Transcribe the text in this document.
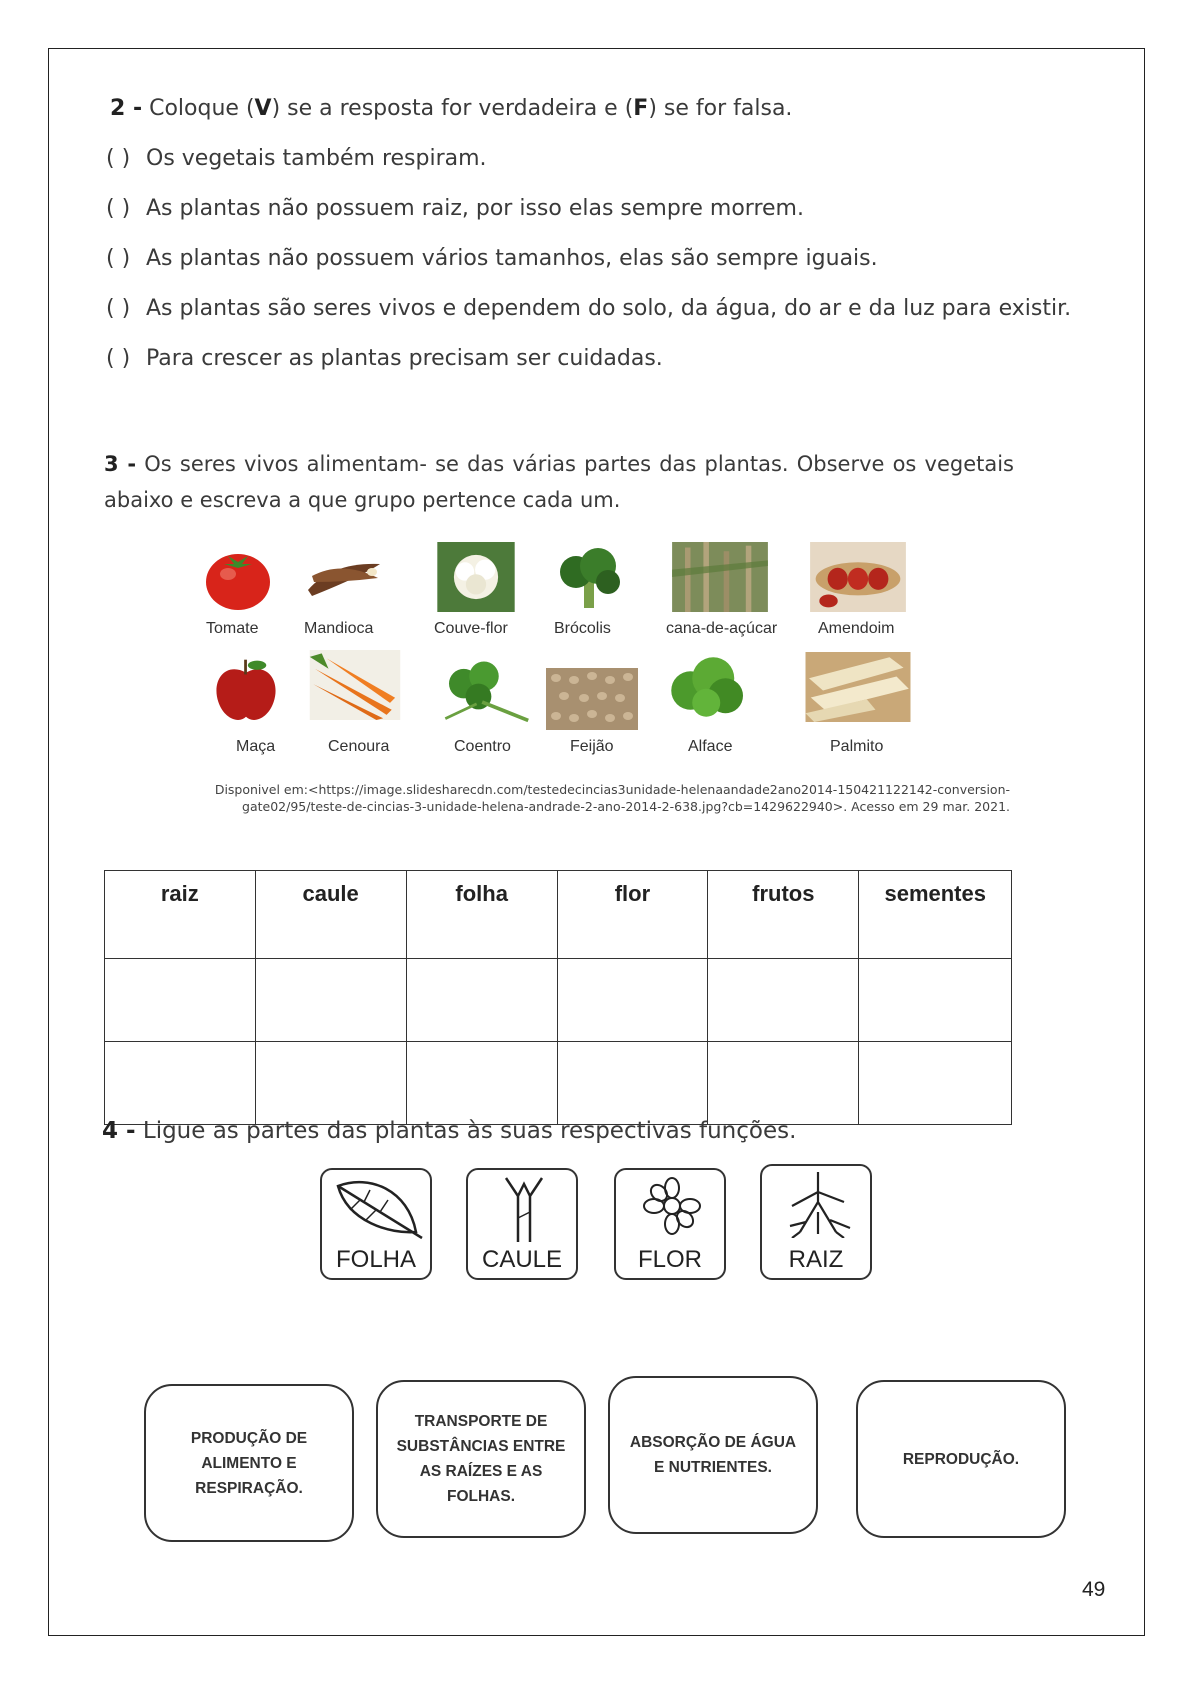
2 - Coloque (V) se a resposta for verdadeira e (F) se for falsa.
( ) Os vegetais também respiram.
( ) As plantas não possuem raiz, por isso elas sempre morrem.
( ) As plantas não possuem vários tamanhos, elas são sempre iguais.
( ) As plantas são seres vivos e dependem do solo, da água, do ar e da luz para existir.
( ) Para crescer as plantas precisam ser cuidadas.
3 - Os seres vivos alimentam- se das várias partes das plantas. Observe os vegetais abaixo e escreva a que grupo pertence cada um.
Tomate	Mandioca	Couve-flor	Brócolis	cana-de-açúcar	Amendoim
Maça	Cenoura	Coentro	Feijão	Alface	Palmito
Disponivel em:<https://image.slidesharecdn.com/testedecincias3unidade-helenaandade2ano2014-150421122142-conversion-
gate02/95/teste-de-cincias-3-unidade-helena-andrade-2-ano-2014-2-638.jpg?cb=1429622940>. Acesso em 29 mar. 2021.
raiz	caule	folha	flor	frutos	sementes

4 - Ligue as partes das plantas às suas respectivas funções.
FOLHA	CAULE	FLOR	RAIZ
PRODUÇÃO DE ALIMENTO E RESPIRAÇÃO.
TRANSPORTE DE SUBSTÂNCIAS ENTRE AS RAÍZES E AS FOLHAS.
ABSORÇÃO DE ÁGUA E NUTRIENTES.	REPRODUÇÃO.
49
